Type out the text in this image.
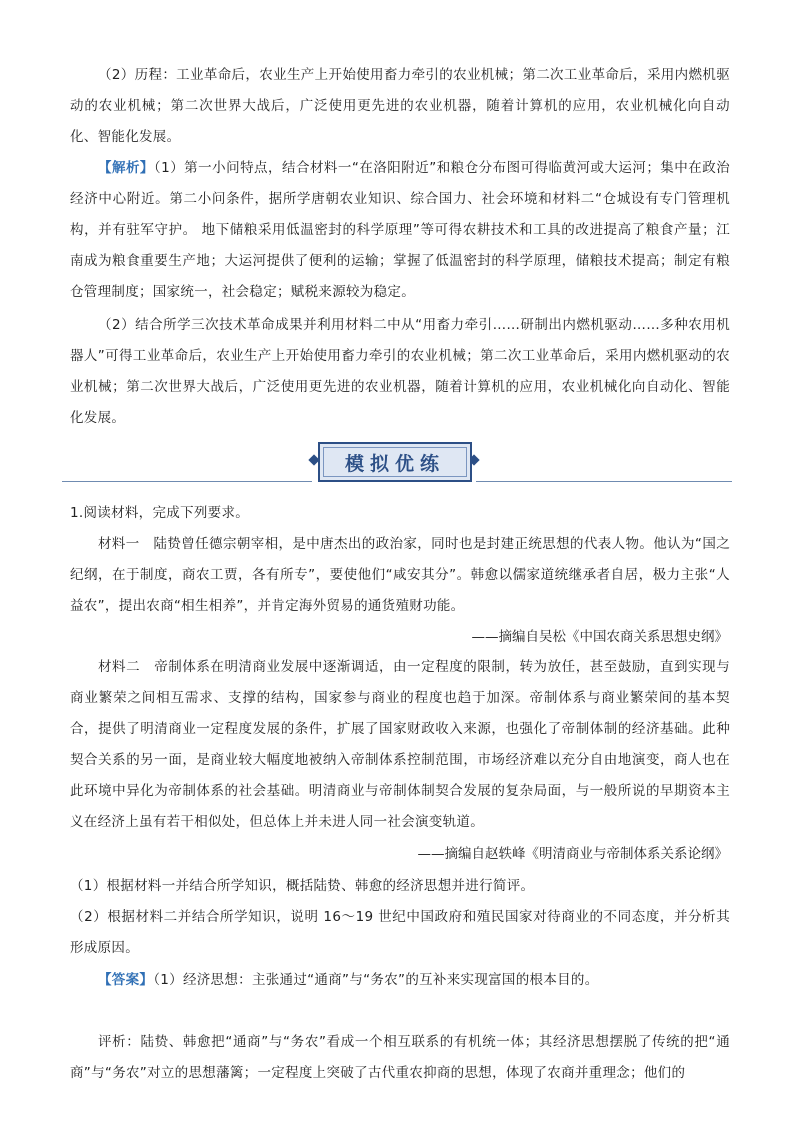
（2）历程：工业革命后，农业生产上开始使用畜力牵引的农业机械；第二次工业革命后，采用内燃机驱动的农业机械；第二次世界大战后，广泛使用更先进的农业机器，随着计算机的应用，农业机械化向自动化、智能化发展。
【解析】（1）第一小问特点，结合材料一“在洛阳附近”和粮仓分布图可得临黄河或大运河；集中在政治经济中心附近。第二小问条件，据所学唐朝农业知识、综合国力、社会环境和材料二“仓城设有专门管理机构，并有驻军守护。 地下储粮采用低温密封的科学原理”等可得农耕技术和工具的改进提高了粮食产量；江南成为粮食重要生产地；大运河提供了便利的运输；掌握了低温密封的科学原理，储粮技术提高；制定有粮仓管理制度；国家统一，社会稳定；赋税来源较为稳定。
（2）结合所学三次技术革命成果并利用材料二中从“用畜力牵引……研制出内燃机驱动……多种农用机器人”可得工业革命后，农业生产上开始使用畜力牵引的农业机械；第二次工业革命后，采用内燃机驱动的农业机械；第二次世界大战后，广泛使用更先进的农业机器，随着计算机的应用，农业机械化向自动化、智能化发展。
模拟优练
1.阅读材料，完成下列要求。
材料一　陆贽曾任德宗朝宰相，是中唐杰出的政治家，同时也是封建正统思想的代表人物。他认为“国之纪纲，在于制度，商农工贾，各有所专”，要使他们“咸安其分”。韩愈以儒家道统继承者自居，极力主张“人益农”，提出农商“相生相养”，并肯定海外贸易的通货殖财功能。
——摘编自吴松《中国农商关系思想史纲》
材料二　帝制体系在明清商业发展中逐渐调适，由一定程度的限制，转为放任，甚至鼓励，直到实现与商业繁荣之间相互需求、支撑的结构，国家参与商业的程度也趋于加深。帝制体系与商业繁荣间的基本契合，提供了明清商业一定程度发展的条件，扩展了国家财政收入来源，也强化了帝制体制的经济基础。此种契合关系的另一面，是商业较大幅度地被纳入帝制体系控制范围，市场经济难以充分自由地演变，商人也在此环境中异化为帝制体系的社会基础。明清商业与帝制体制契合发展的复杂局面，与一般所说的早期资本主义在经济上虽有若干相似处，但总体上并未进人同一社会演变轨道。
——摘编自赵轶峰《明清商业与帝制体系关系论纲》
（1）根据材料一并结合所学知识，概括陆贽、韩愈的经济思想并进行简评。
（2）根据材料二并结合所学知识，说明 16～19 世纪中国政府和殖民国家对待商业的不同态度，并分析其形成原因。
【答案】（1）经济思想：主张通过“通商”与“务农”的互补来实现富国的根本目的。
评析：陆贽、韩愈把“通商”与“务农”看成一个相互联系的有机统一体；其经济思想摆脱了传统的把“通商”与“务农”对立的思想藩篱；一定程度上突破了古代重农抑商的思想，体现了农商并重理念；他们的
